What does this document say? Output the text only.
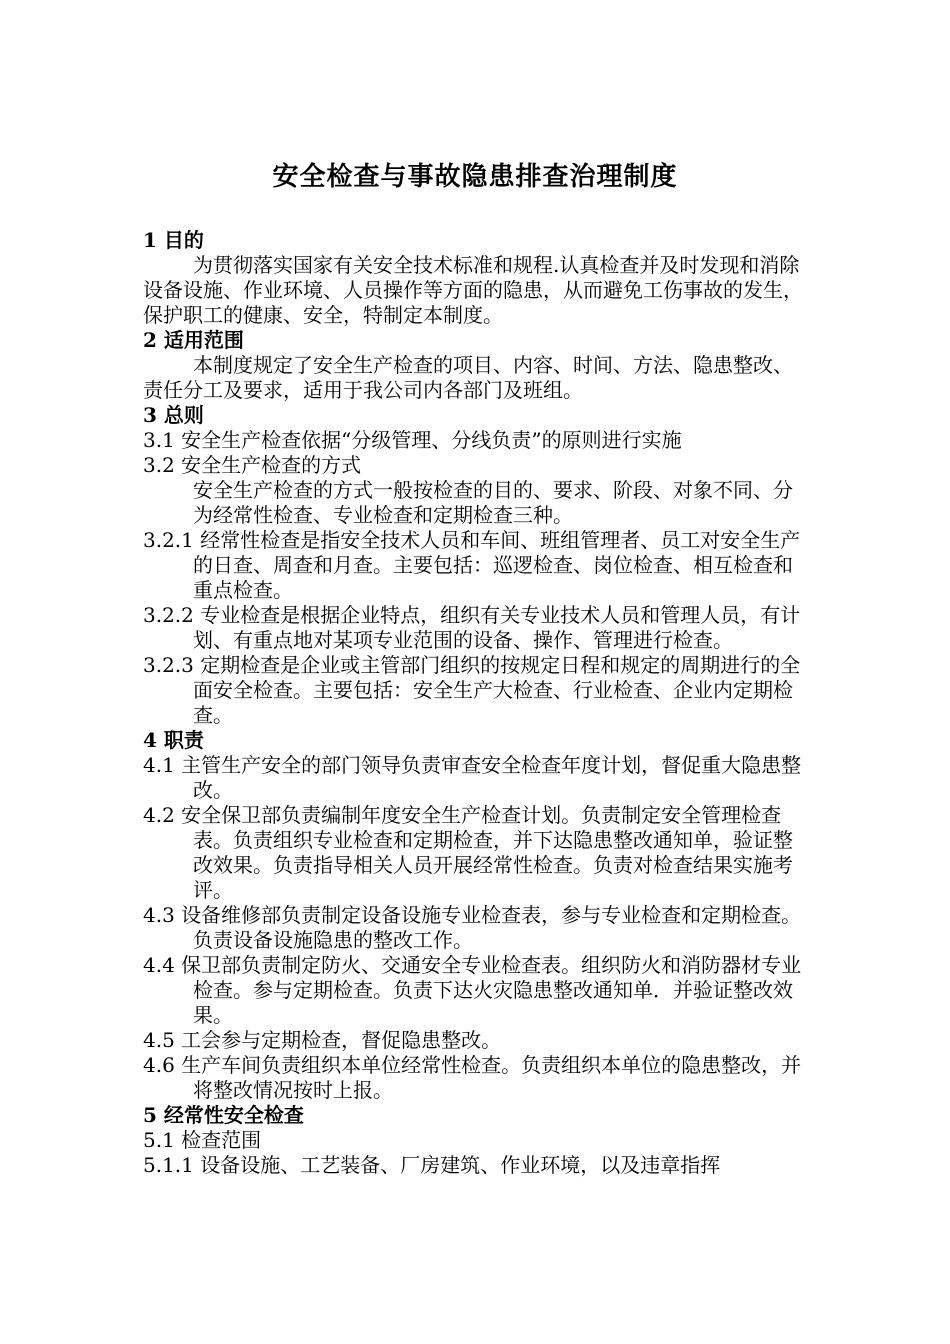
安全检查与事故隐患排查治理制度
1 目的
为贯彻落实国家有关安全技术标准和规程.认真检查并及时发现和消除设备设施、作业环境、人员操作等方面的隐患，从而避免工伤事故的发生，保护职工的健康、安全，特制定本制度。
2 适用范围
本制度规定了安全生产检查的项目、内容、时间、方法、隐患整改、责任分工及要求，适用于我公司内各部门及班组。
3 总则
3.1 安全生产检查依据“分级管理、分线负责”的原则进行实施
3.2 安全生产检查的方式
安全生产检查的方式一般按检查的目的、要求、阶段、对象不同、分为经常性检查、专业检查和定期检查三种。
3.2.1 经常性检查是指安全技术人员和车间、班组管理者、员工对安全生产的日查、周查和月查。主要包括：巡逻检查、岗位检查、相互检查和重点检查。
3.2.2 专业检查是根据企业特点，组织有关专业技术人员和管理人员，有计划、有重点地对某项专业范围的设备、操作、管理进行检查。
3.2.3 定期检查是企业或主管部门组织的按规定日程和规定的周期进行的全面安全检查。主要包括：安全生产大检查、行业检查、企业内定期检查。
4 职责
4.1 主管生产安全的部门领导负责审查安全检查年度计划，督促重大隐患整改。
4.2 安全保卫部负责编制年度安全生产检查计划。负责制定安全管理检查表。负责组织专业检查和定期检查，并下达隐患整改通知单，验证整改效果。负责指导相关人员开展经常性检查。负责对检查结果实施考评。
4.3 设备维修部负责制定设备设施专业检查表，参与专业检查和定期检查。负责设备设施隐患的整改工作。
4.4 保卫部负责制定防火、交通安全专业检查表。组织防火和消防器材专业检查。参与定期检查。负责下达火灾隐患整改通知单．并验证整改效果。
4.5 工会参与定期检查，督促隐患整改。
4.6 生产车间负责组织本单位经常性检查。负责组织本单位的隐患整改，并将整改情况按时上报。
5 经常性安全检查
5.1 检查范围
5.1.1 设备设施、工艺装备、厂房建筑、作业环境，以及违章指挥
